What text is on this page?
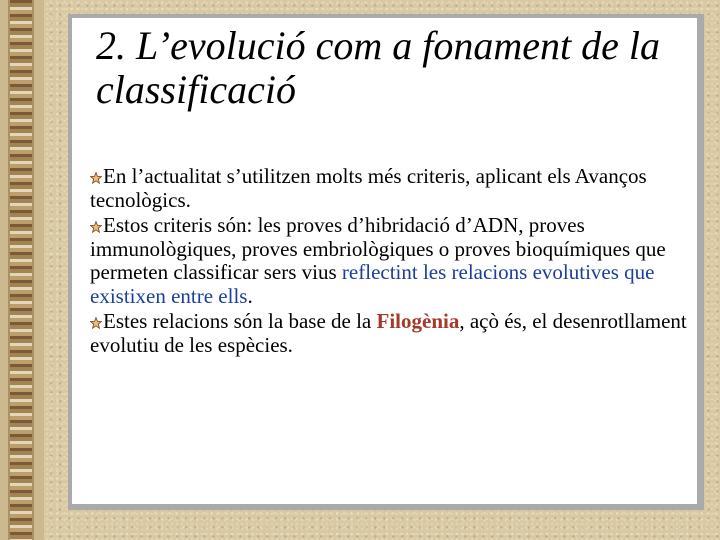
2. L’evolució com a fonament de la classificació

En l’actualitat s’utilitzen molts més criteris, aplicant els Avanços tecnològics.

Estos criteris són: les proves d’hibridació d’ADN, proves immunològiques, proves embriològiques o proves bioquímiques que permeten classificar sers vius reflectint les relacions evolutives que existixen entre ells.

Estes relacions són la base de la Filogènia, açò és, el desenrotllament evolutiu de les espècies.
